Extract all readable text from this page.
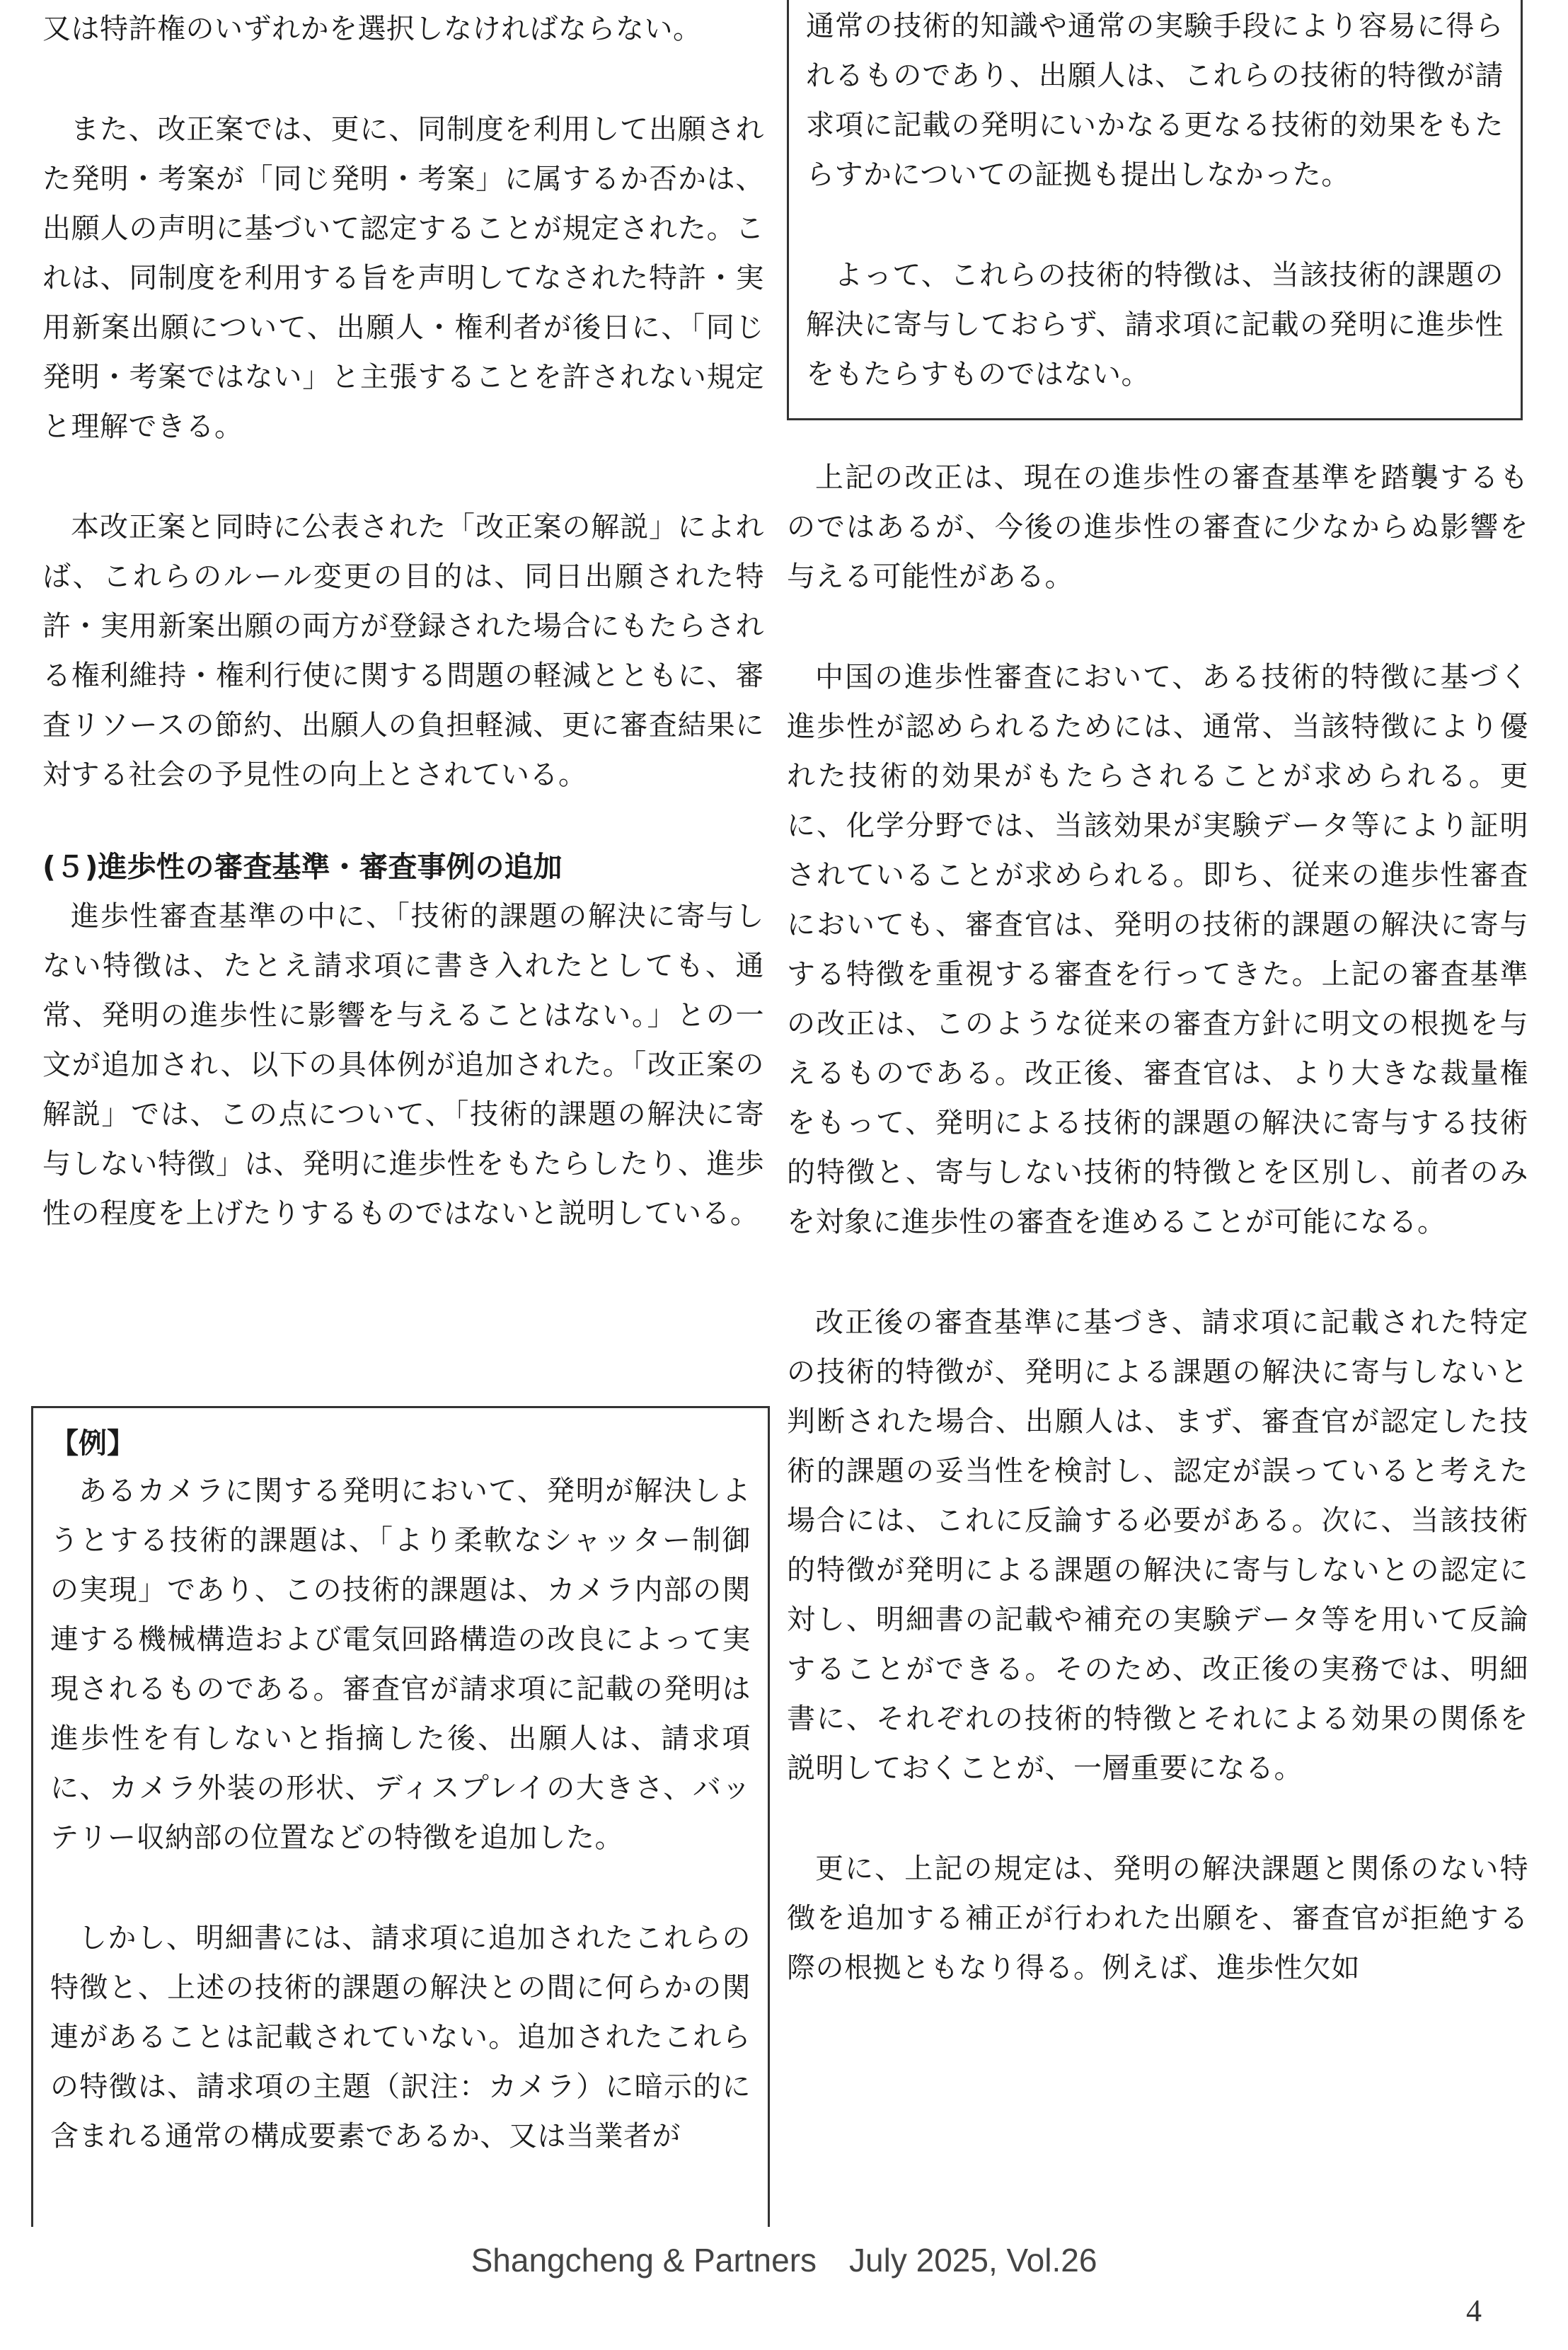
又は特許権のいずれかを選択しなければならない。

また、改正案では、更に、同制度を利用して出願された発明・考案が「同じ発明・考案」に属するか否かは、出願人の声明に基づいて認定することが規定された。これは、同制度を利用する旨を声明してなされた特許・実用新案出願について、出願人・権利者が後日に、「同じ発明・考案ではない」と主張することを許されない規定と理解できる。

本改正案と同時に公表された「改正案の解説」によれば、これらのルール変更の目的は、同日出願された特許・実用新案出願の両方が登録された場合にもたらされる権利維持・権利行使に関する問題の軽減とともに、審査リソースの節約、出願人の負担軽減、更に審査結果に対する社会の予見性の向上とされている。

(５)進歩性の審査基準・審査事例の追加

進歩性審査基準の中に、「技術的課題の解決に寄与しない特徴は、たとえ請求項に書き入れたとしても、通常、発明の進歩性に影響を与えることはない。」との一文が追加され、以下の具体例が追加された。「改正案の解説」では、この点について、「技術的課題の解決に寄与しない特徴」は、発明に進歩性をもたらしたり、進歩性の程度を上げたりするものではないと説明している。

【例】

あるカメラに関する発明において、発明が解決しようとする技術的課題は、「より柔軟なシャッター制御の実現」であり、この技術的課題は、カメラ内部の関連する機械構造および電気回路構造の改良によって実現されるものである。審査官が請求項に記載の発明は進歩性を有しないと指摘した後、出願人は、請求項に、カメラ外装の形状、ディスプレイの大きさ、バッテリー収納部の位置などの特徴を追加した。

しかし、明細書には、請求項に追加されたこれらの特徴と、上述の技術的課題の解決との間に何らかの関連があることは記載されていない。追加されたこれらの特徴は、請求項の主題（訳注：カメラ）に暗示的に含まれる通常の構成要素であるか、又は当業者が

通常の技術的知識や通常の実験手段により容易に得られるものであり、出願人は、これらの技術的特徴が請求項に記載の発明にいかなる更なる技術的効果をもたらすかについての証拠も提出しなかった。

よって、これらの技術的特徴は、当該技術的課題の解決に寄与しておらず、請求項に記載の発明に進歩性をもたらすものではない。

上記の改正は、現在の進歩性の審査基準を踏襲するものではあるが、今後の進歩性の審査に少なからぬ影響を与える可能性がある。

中国の進歩性審査において、ある技術的特徴に基づく進歩性が認められるためには、通常、当該特徴により優れた技術的効果がもたらされることが求められる。更に、化学分野では、当該効果が実験データ等により証明されていることが求められる。即ち、従来の進歩性審査においても、審査官は、発明の技術的課題の解決に寄与する特徴を重視する審査を行ってきた。上記の審査基準の改正は、このような従来の審査方針に明文の根拠を与えるものである。改正後、審査官は、より大きな裁量権をもって、発明による技術的課題の解決に寄与する技術的特徴と、寄与しない技術的特徴とを区別し、前者のみを対象に進歩性の審査を進めることが可能になる。

改正後の審査基準に基づき、請求項に記載された特定の技術的特徴が、発明による課題の解決に寄与しないと判断された場合、出願人は、まず、審査官が認定した技術的課題の妥当性を検討し、認定が誤っていると考えた場合には、これに反論する必要がある。次に、当該技術的特徴が発明による課題の解決に寄与しないとの認定に対し、明細書の記載や補充の実験データ等を用いて反論することができる。そのため、改正後の実務では、明細書に、それぞれの技術的特徴とそれによる効果の関係を説明しておくことが、一層重要になる。

更に、上記の規定は、発明の解決課題と関係のない特徴を追加する補正が行われた出願を、審査官が拒絶する際の根拠ともなり得る。例えば、進歩性欠如

Shangcheng & Partners　July 2025, Vol.26
4
